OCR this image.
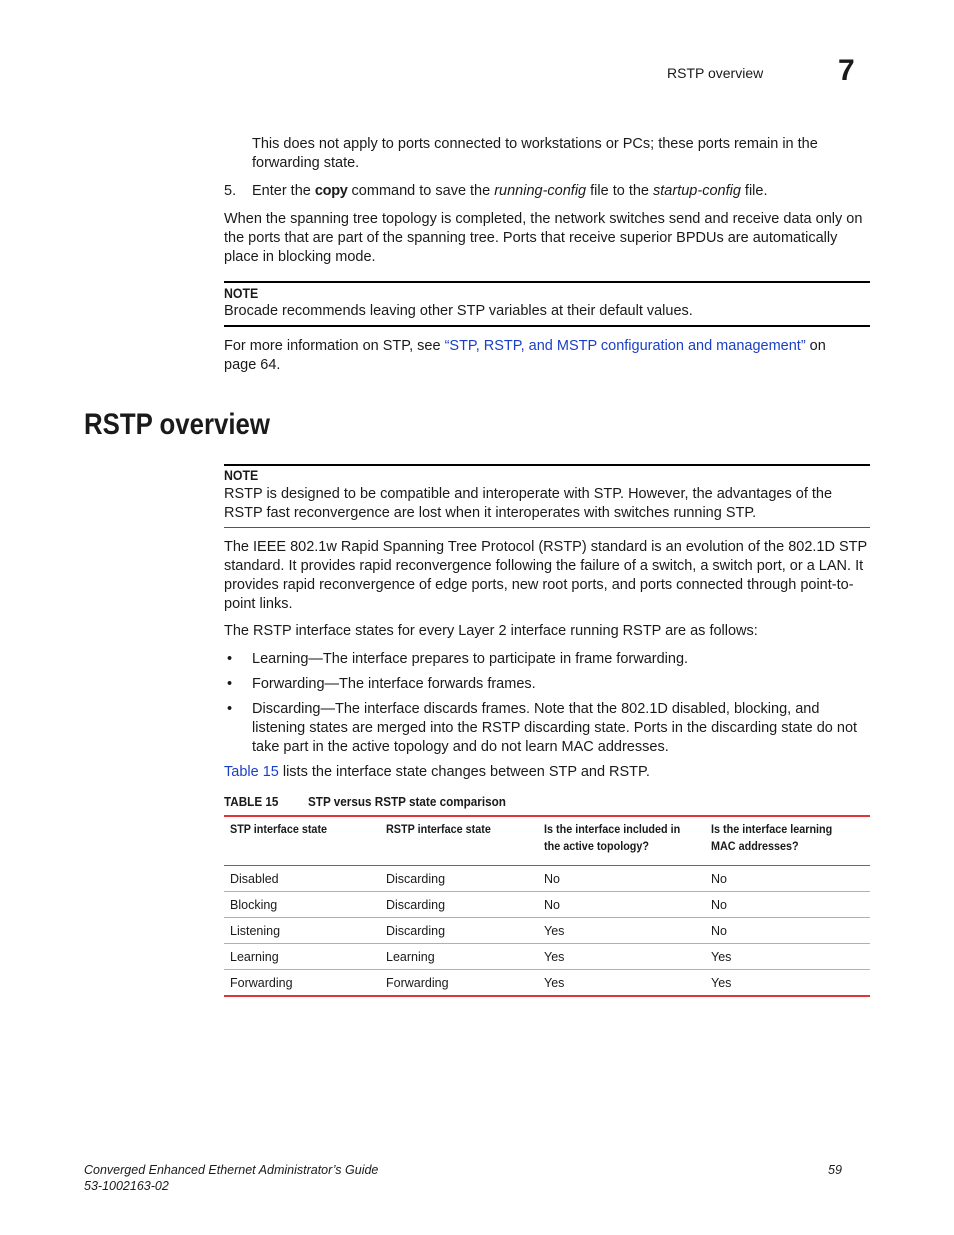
RSTP overview 7
This does not apply to ports connected to workstations or PCs; these ports remain in the forwarding state.
5. Enter the copy command to save the running-config file to the startup-config file.
When the spanning tree topology is completed, the network switches send and receive data only on the ports that are part of the spanning tree. Ports that receive superior BPDUs are automatically place in blocking mode.
NOTE
Brocade recommends leaving other STP variables at their default values.
For more information on STP, see “STP, RSTP, and MSTP configuration and management” on page 64.
RSTP overview
NOTE
RSTP is designed to be compatible and interoperate with STP. However, the advantages of the RSTP fast reconvergence are lost when it interoperates with switches running STP.
The IEEE 802.1w Rapid Spanning Tree Protocol (RSTP) standard is an evolution of the 802.1D STP standard. It provides rapid reconvergence following the failure of a switch, a switch port, or a LAN. It provides rapid reconvergence of edge ports, new root ports, and ports connected through point-to-point links.
The RSTP interface states for every Layer 2 interface running RSTP are as follows:
• Learning—The interface prepares to participate in frame forwarding.
• Forwarding—The interface forwards frames.
• Discarding—The interface discards frames. Note that the 802.1D disabled, blocking, and listening states are merged into the RSTP discarding state. Ports in the discarding state do not take part in the active topology and do not learn MAC addresses.
Table 15 lists the interface state changes between STP and RSTP.
TABLE 15 STP versus RSTP state comparison
STP interface state	RSTP interface state	Is the interface included in the active topology?	Is the interface learning MAC addresses?
Disabled	Discarding	No	No
Blocking	Discarding	No	No
Listening	Discarding	Yes	No
Learning	Learning	Yes	Yes
Forwarding	Forwarding	Yes	Yes
Converged Enhanced Ethernet Administrator’s Guide
53-1002163-02
59
